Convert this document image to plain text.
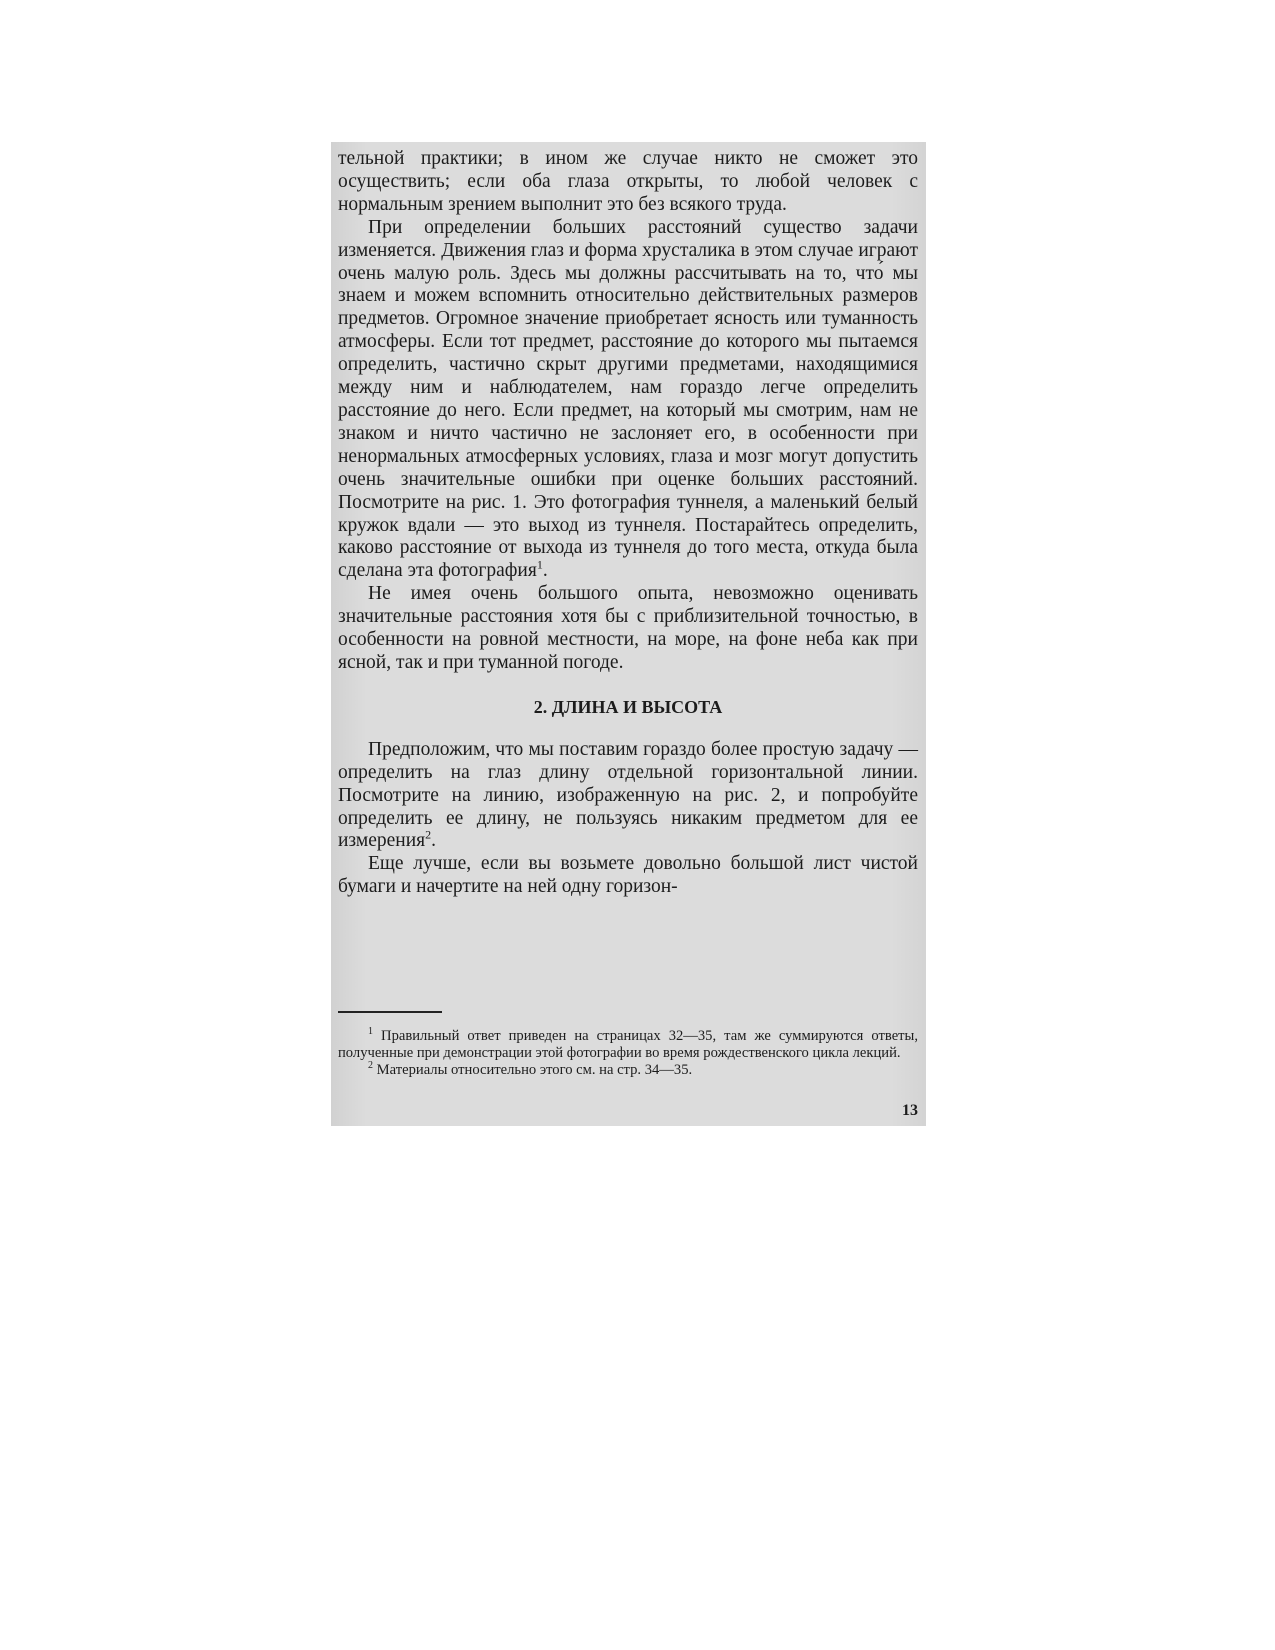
тельной практики; в ином же случае никто не сможет это осуществить; если оба глаза открыты, то любой человек с нормальным зрением выполнит это без всякого труда.

При определении больших расстояний существо задачи изменяется. Движения глаз и форма хрусталика в этом случае играют очень малую роль. Здесь мы должны рассчитывать на то, что́ мы знаем и можем вспомнить относительно действительных размеров предметов. Огромное значение приобретает ясность или туманность атмосферы. Если тот предмет, расстояние до которого мы пытаемся определить, частично скрыт другими предметами, находящимися между ним и наблюдателем, нам гораздо легче определить расстояние до него. Если предмет, на который мы смотрим, нам не знаком и ничто частично не заслоняет его, в особенности при ненормальных атмосферных условиях, глаза и мозг могут допустить очень значительные ошибки при оценке больших расстояний. Посмотрите на рис. 1. Это фотография туннеля, а маленький белый кружок вдали — это выход из туннеля. Постарайтесь определить, каково расстояние от выхода из туннеля до того места, откуда была сделана эта фотография$^1$.

Не имея очень большого опыта, невозможно оценивать значительные расстояния хотя бы с приблизительной точностью, в особенности на ровной местности, на море, на фоне неба как при ясной, так и при туманной погоде.

2. ДЛИНА И ВЫСОТА

Предположим, что мы поставим гораздо более простую задачу — определить на глаз длину отдельной горизонтальной линии. Посмотрите на линию, изображенную на рис. 2, и попробуйте определить ее длину, не пользуясь никаким предметом для ее измерения$^2$.

Еще лучше, если вы возьмете довольно большой лист чистой бумаги и начертите на ней одну горизон-

$^1$ Правильный ответ приведен на страницах 32—35, там же суммируются ответы, полученные при демонстрации этой фотографии во время рождественского цикла лекций.

$^2$ Материалы относительно этого см. на стр. 34—35.

13
